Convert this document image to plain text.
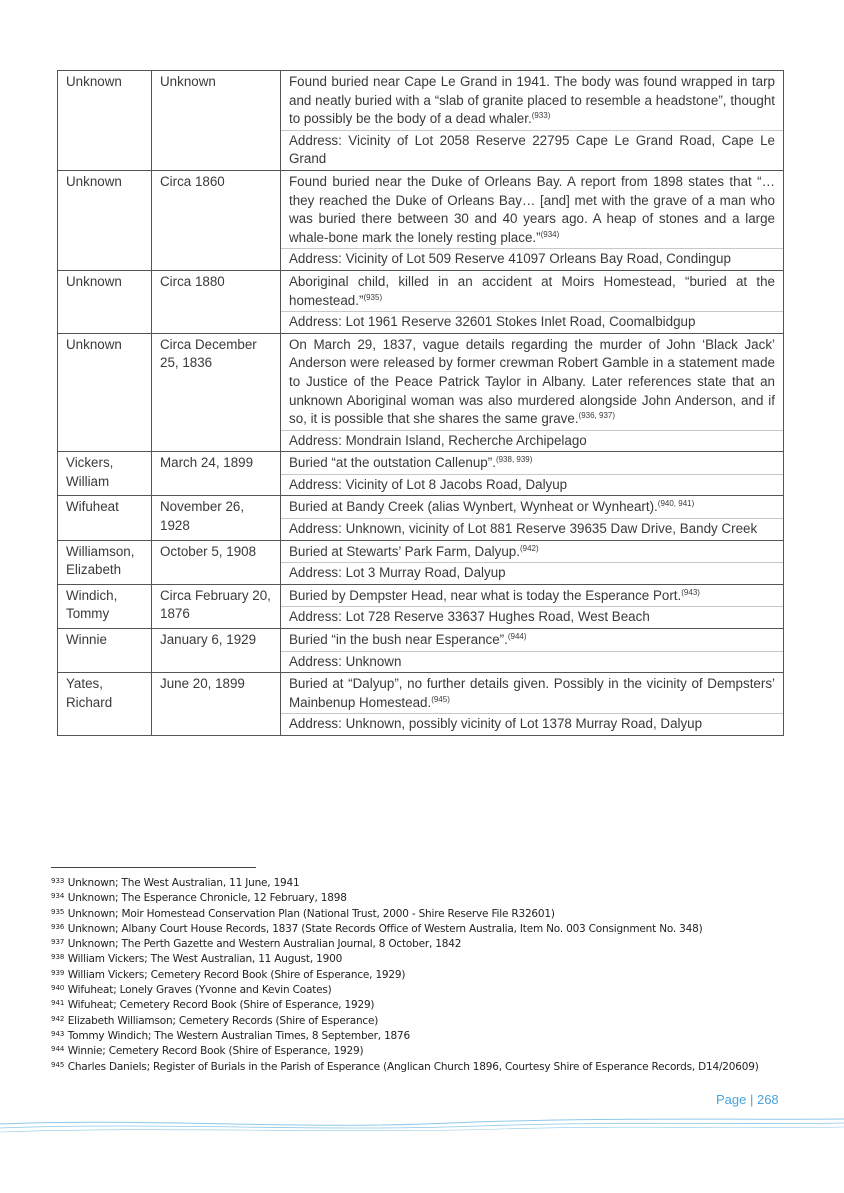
Unknown	Unknown	Found buried near Cape Le Grand in 1941. The body was found wrapped in tarp and neatly buried with a “slab of granite placed to resemble a headstone”, thought to possibly be the body of a dead whaler.$^{(933)}$
Address: Vicinity of Lot 2058 Reserve 22795 Cape Le Grand Road, Cape Le Grand

Unknown	Circa 1860	Found buried near the Duke of Orleans Bay. A report from 1898 states that “…they reached the Duke of Orleans Bay… [and] met with the grave of a man who was buried there between 30 and 40 years ago. A heap of stones and a large whale-bone mark the lonely resting place.”$^{(934)}$
Address: Vicinity of Lot 509 Reserve 41097 Orleans Bay Road, Condingup

Unknown	Circa 1880	Aboriginal child, killed in an accident at Moirs Homestead, “buried at the homestead.”$^{(935)}$
Address: Lot 1961 Reserve 32601 Stokes Inlet Road, Coomalbidgup

Unknown	Circa December 25, 1836	On March 29, 1837, vague details regarding the murder of John ‘Black Jack’ Anderson were released by former crewman Robert Gamble in a statement made to Justice of the Peace Patrick Taylor in Albany. Later references state that an unknown Aboriginal woman was also murdered alongside John Anderson, and if so, it is possible that she shares the same grave.$^{(936, 937)}$
Address: Mondrain Island, Recherche Archipelago

Vickers, William	March 24, 1899	Buried “at the outstation Callenup”.$^{(938, 939)}$
Address: Vicinity of Lot 8 Jacobs Road, Dalyup

Wifuheat	November 26, 1928	Buried at Bandy Creek (alias Wynbert, Wynheat or Wynheart).$^{(940, 941)}$
Address: Unknown, vicinity of Lot 881 Reserve 39635 Daw Drive, Bandy Creek

Williamson, Elizabeth	October 5, 1908	Buried at Stewarts’ Park Farm, Dalyup.$^{(942)}$
Address: Lot 3 Murray Road, Dalyup

Windich, Tommy	Circa February 20, 1876	Buried by Dempster Head, near what is today the Esperance Port.$^{(943)}$
Address: Lot 728 Reserve 33637 Hughes Road, West Beach

Winnie	January 6, 1929	Buried “in the bush near Esperance”.$^{(944)}$
Address: Unknown

Yates, Richard	June 20, 1899	Buried at “Dalyup”, no further details given. Possibly in the vicinity of Dempsters’ Mainbenup Homestead.$^{(945)}$
Address: Unknown, possibly vicinity of Lot 1378 Murray Road, Dalyup
$^{933}$ Unknown; The West Australian, 11 June, 1941
$^{934}$ Unknown; The Esperance Chronicle, 12 February, 1898
$^{935}$ Unknown; Moir Homestead Conservation Plan (National Trust, 2000 - Shire Reserve File R32601)
$^{936}$ Unknown; Albany Court House Records, 1837 (State Records Office of Western Australia, Item No. 003 Consignment No. 348)
$^{937}$ Unknown; The Perth Gazette and Western Australian Journal, 8 October, 1842
$^{938}$ William Vickers; The West Australian, 11 August, 1900
$^{939}$ William Vickers; Cemetery Record Book (Shire of Esperance, 1929)
$^{940}$ Wifuheat; Lonely Graves (Yvonne and Kevin Coates)
$^{941}$ Wifuheat; Cemetery Record Book (Shire of Esperance, 1929)
$^{942}$ Elizabeth Williamson; Cemetery Records (Shire of Esperance)
$^{943}$ Tommy Windich; The Western Australian Times, 8 September, 1876
$^{944}$ Winnie; Cemetery Record Book (Shire of Esperance, 1929)
$^{945}$ Charles Daniels; Register of Burials in the Parish of Esperance (Anglican Church 1896, Courtesy Shire of Esperance Records, D14/20609)
Page | 268
